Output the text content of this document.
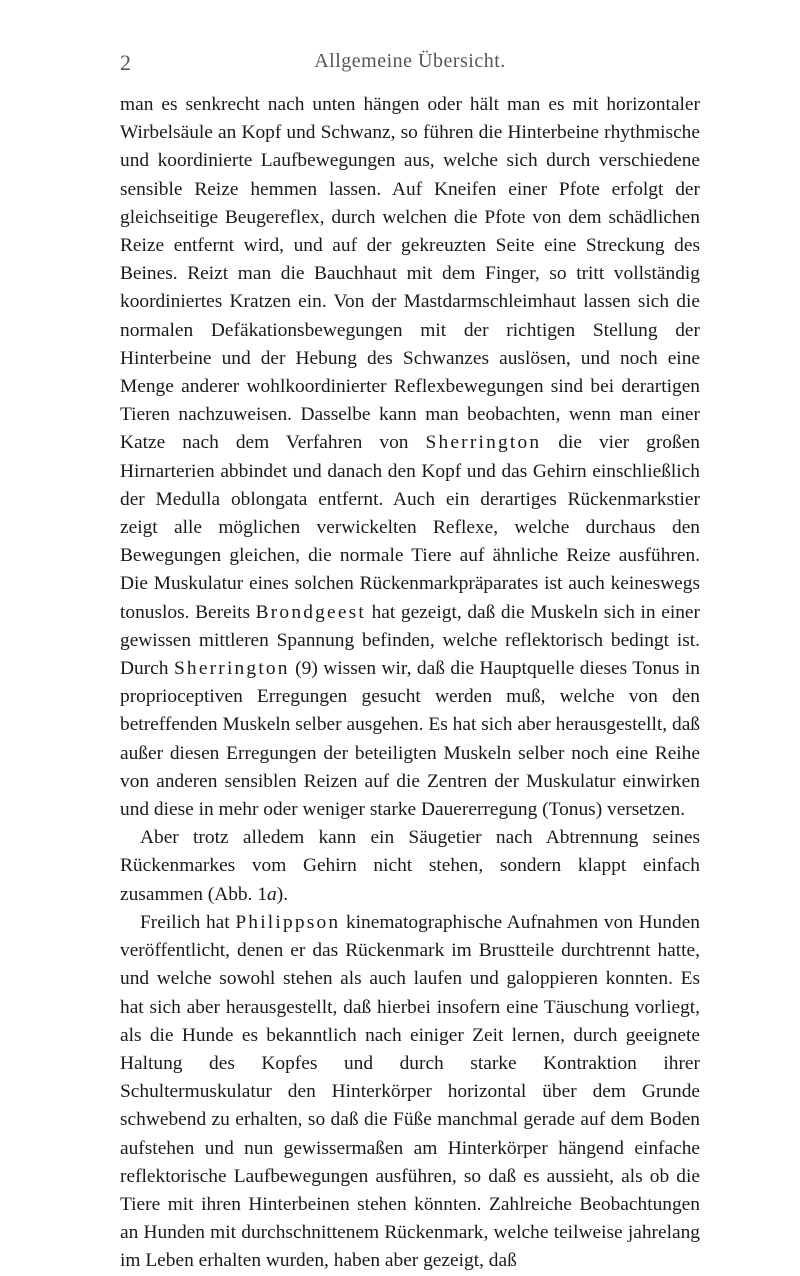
2	Allgemeine Übersicht.

man es senkrecht nach unten hängen oder hält man es mit horizontaler Wirbelsäule an Kopf und Schwanz, so führen die Hinterbeine rhythmische und koordinierte Laufbewegungen aus, welche sich durch verschiedene sensible Reize hemmen lassen. Auf Kneifen einer Pfote erfolgt der gleichseitige Beugereflex, durch welchen die Pfote von dem schädlichen Reize entfernt wird, und auf der gekreuzten Seite eine Streckung des Beines. Reizt man die Bauchhaut mit dem Finger, so tritt vollständig koordiniertes Kratzen ein. Von der Mastdarmschleimhaut lassen sich die normalen Defäkationsbewegungen mit der richtigen Stellung der Hinterbeine und der Hebung des Schwanzes auslösen, und noch eine Menge anderer wohlkoordinierter Reflexbewegungen sind bei derartigen Tieren nachzuweisen. Dasselbe kann man beobachten, wenn man einer Katze nach dem Verfahren von Sherrington die vier großen Hirnarterien abbindet und danach den Kopf und das Gehirn einschließlich der Medulla oblongata entfernt. Auch ein derartiges Rückenmarkstier zeigt alle möglichen verwickelten Reflexe, welche durchaus den Bewegungen gleichen, die normale Tiere auf ähnliche Reize ausführen. Die Muskulatur eines solchen Rückenmarkpräparates ist auch keineswegs tonuslos. Bereits Brondgeest hat gezeigt, daß die Muskeln sich in einer gewissen mittleren Spannung befinden, welche reflektorisch bedingt ist. Durch Sherrington (9) wissen wir, daß die Hauptquelle dieses Tonus in proprioceptiven Erregungen gesucht werden muß, welche von den betreffenden Muskeln selber ausgehen. Es hat sich aber herausgestellt, daß außer diesen Erregungen der beteiligten Muskeln selber noch eine Reihe von anderen sensiblen Reizen auf die Zentren der Muskulatur einwirken und diese in mehr oder weniger starke Dauererregung (Tonus) versetzen.

Aber trotz alledem kann ein Säugetier nach Abtrennung seines Rückenmarkes vom Gehirn nicht stehen, sondern klappt einfach zusammen (Abb. 1a).

Freilich hat Philippson kinematographische Aufnahmen von Hunden veröffentlicht, denen er das Rückenmark im Brustteile durchtrennt hatte, und welche sowohl stehen als auch laufen und galoppieren konnten. Es hat sich aber herausgestellt, daß hierbei insofern eine Täuschung vorliegt, als die Hunde es bekanntlich nach einiger Zeit lernen, durch geeignete Haltung des Kopfes und durch starke Kontraktion ihrer Schultermuskulatur den Hinterkörper horizontal über dem Grunde schwebend zu erhalten, so daß die Füße manchmal gerade auf dem Boden aufstehen und nun gewissermaßen am Hinterkörper hängend einfache reflektorische Laufbewegungen ausführen, so daß es aussieht, als ob die Tiere mit ihren Hinterbeinen stehen könnten. Zahlreiche Beobachtungen an Hunden mit durchschnittenem Rückenmark, welche teilweise jahrelang im Leben erhalten wurden, haben aber gezeigt, daß
